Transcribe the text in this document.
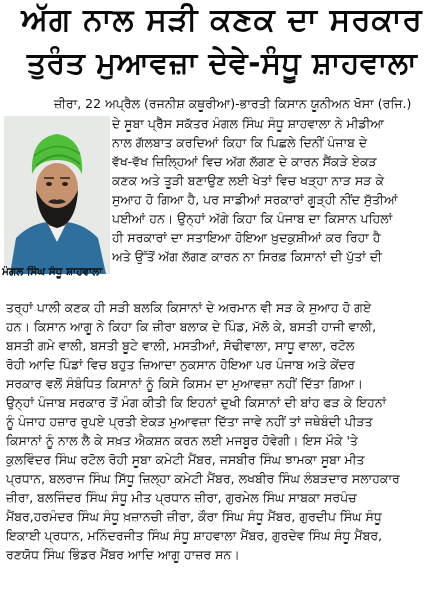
ਅੱਗ ਨਾਲ ਸੜੀ ਕਣਕ ਦਾ ਸਰਕਾਰ
ਤੁਰੰਤ ਮੁਆਵਜ਼ਾ ਦੇਵੇ-ਸੰਧੂ ਸ਼ਾਹਵਾਲਾ
ਜ਼ੀਰਾ, 22 ਅਪ੍ਰੈਲ (ਰਜਨੀਸ਼ ਕਥੂਰੀਆ)-ਭਾਰਤੀ ਕਿਸਾਨ ਯੂਨੀਅਨ ਖੋਸਾ (ਰਜਿ.)
ਮੰਗਲ ਸਿੰਘ ਸੰਧੂ ਸ਼ਾਹਵਾਲਾ
ਦੇ ਸੂਬਾ ਪ੍ਰੈੱਸ ਸਕੱਤਰ ਮੰਗਲ ਸਿੰਘ ਸੰਧੂ ਸ਼ਾਹਵਾਲਾ ਨੇ ਮੀਡੀਆ
ਨਾਲ ਗੱਲਬਾਤ ਕਰਦਿਆਂ ਕਿਹਾ ਕਿ ਪਿਛਲੇ ਦਿਨੀਂ ਪੰਜਾਬ ਦੇ
ਵੱਖ-ਵੱਖ ਜ਼ਿਲ੍ਹਿਆਂ ਵਿਚ ਅੱਗ ਲੱਗਣ ਦੇ ਕਾਰਨ ਸੈਂਕੜੇ ਏਕੜ
ਕਣਕ ਅਤੇ ਤੂੜੀ ਬਣਾਉਣ ਲਈ ਖੇਤਾਂ ਵਿਚ ਖੜ੍ਹਾ ਨਾੜ ਸੜ ਕੇ
ਸੁਆਹ ਹੋ ਗਿਆ ਹੈ, ਪਰ ਸਾਡੀਆਂ ਸਰਕਾਰਾਂ ਗੂੜ੍ਹੀ ਨੀਂਦ ਸੁੱਤੀਆਂ
ਪਈਆਂ ਹਨ। ਉਨ੍ਹਾਂ ਅੱਗੇ ਕਿਹਾ ਕਿ ਪੰਜਾਬ ਦਾ ਕਿਸਾਨ ਪਹਿਲਾਂ
ਹੀ ਸਰਕਾਰਾਂ ਦਾ ਸਤਾਇਆ ਹੋਇਆ ਖ਼ੁਦਕੁਸ਼ੀਆਂ ਕਰ ਰਿਹਾ ਹੈ
ਅਤੇ ਉੱਤੋਂ ਅੱਗ ਲੱਗਣ ਕਾਰਨ ਨਾ ਸਿਰਫ਼ ਕਿਸਾਨਾਂ ਦੀ ਪੁੱਤਾਂ ਦੀ
ਤਰ੍ਹਾਂ ਪਾਲੀ ਕਣਕ ਹੀ ਸੜੀ ਬਲਕਿ ਕਿਸਾਨਾਂ ਦੇ ਅਰਮਾਨ ਵੀ ਸੜ ਕੇ ਸੁਆਹ ਹੋ ਗਏ
ਹਨ। ਕਿਸਾਨ ਆਗੂ ਨੇ ਕਿਹਾ ਕਿ ਜ਼ੀਰਾ ਬਲਾਕ ਦੇ ਪਿੰਡ, ਮੱਲੋ ਕੇ, ਬਸਤੀ ਹਾਜੀ ਵਾਲੀ,
ਬਸਤੀ ਗਮੇ ਵਾਲੀ, ਬਸਤੀ ਬੂਟੇ ਵਾਲੀ, ਮਸਤੀਆਂ, ਸੋਢੀਵਾਲਾ, ਸਾਧੂ ਵਾਲਾ, ਰਟੋਲ
ਰੋਹੀ ਆਦਿ ਪਿੰਡਾਂ ਵਿਚ ਬਹੁਤ ਜ਼ਿਆਦਾ ਨੁਕਸਾਨ ਹੋਇਆ ਪਰ ਪੰਜਾਬ ਅਤੇ ਕੇਂਦਰ
ਸਰਕਾਰ ਵਲੋਂ ਸੰਬੰਧਿਤ ਕਿਸਾਨਾਂ ਨੂੰ ਕਿਸੇ ਕਿਸਮ ਦਾ ਮੁਆਵਜ਼ਾ ਨਹੀਂ ਦਿੱਤਾ ਗਿਆ।
ਉਨ੍ਹਾਂ ਪੰਜਾਬ ਸਰਕਾਰ ਤੋਂ ਮੰਗ ਕੀਤੀ ਕਿ ਇਹਨਾਂ ਦੁਖੀ ਕਿਸਾਨਾਂ ਦੀ ਬਾਂਹ ਫੜ ਕੇ ਇਹਨਾਂ
ਨੂੰ ਪੰਜਾਹ ਹਜ਼ਾਰ ਰੁਪਏ ਪ੍ਰਤੀ ਏਕੜ ਮੁਆਵਜ਼ਾ ਦਿੱਤਾ ਜਾਵੇ ਨਹੀਂ ਤਾਂ ਜਥੇਬੰਦੀ ਪੀੜਤ
ਕਿਸਾਨਾਂ ਨੂੰ ਨਾਲ ਲੈ ਕੇ ਸਖ਼ਤ ਐਕਸ਼ਨ ਕਰਨ ਲਈ ਮਜਬੂਰ ਹੋਵੇਗੀ। ਇਸ ਮੌਕੇ 'ਤੇ
ਕੁਲਵਿੰਦਰ ਸਿੰਘ ਰਟੋਲ ਰੋਹੀ ਸੂਬਾ ਕਮੇਟੀ ਮੈਂਬਰ, ਜਸਬੀਰ ਸਿੰਘ ਝਾਮਕਾ ਸੂਬਾ ਮੀਤ
ਪ੍ਰਧਾਨ, ਬਲਰਾਜ ਸਿੰਘ ਸਿੱਧੂ ਜ਼ਿਲ੍ਹਾ ਕਮੇਟੀ ਮੈਂਬਰ, ਲਖਬੀਰ ਸਿੰਘ ਲੰਬੜਦਾਰ ਸਲਾਹਕਾਰ
ਜ਼ੀਰਾ, ਬਲਜਿੰਦਰ ਸਿੰਘ ਸੰਧੂ ਮੀਤ ਪ੍ਰਧਾਨ ਜ਼ੀਰਾ, ਗੁਰਮੇਲ ਸਿੰਘ ਸਾਬਕਾ ਸਰਪੰਚ
ਮੈਂਬਰ,ਹਰਮੰਦਰ ਸਿੰਘ ਸੰਧੂ ਖ਼ਜ਼ਾਨਚੀ ਜ਼ੀਰਾ, ਕੌਰਾ ਸਿੰਘ ਸੰਧੂ ਮੈਂਬਰ, ਗੁਰਦੀਪ ਸਿੰਘ ਸੰਧੂ
ਇਕਾਈ ਪ੍ਰਧਾਨ, ਮਨਿੰਦਰਜੀਤ ਸਿੰਘ ਸੰਧੂ ਸ਼ਾਹਵਾਲਾ ਮੈਂਬਰ, ਗੁਰਦੇਵ ਸਿੰਘ ਸੰਧੂ ਮੈਂਬਰ,
ਰਣਯੋਧ ਸਿੰਘ ਭਿੰਡਰ ਮੈਂਬਰ ਆਦਿ ਆਗੂ ਹਾਜ਼ਰ ਸਨ।
